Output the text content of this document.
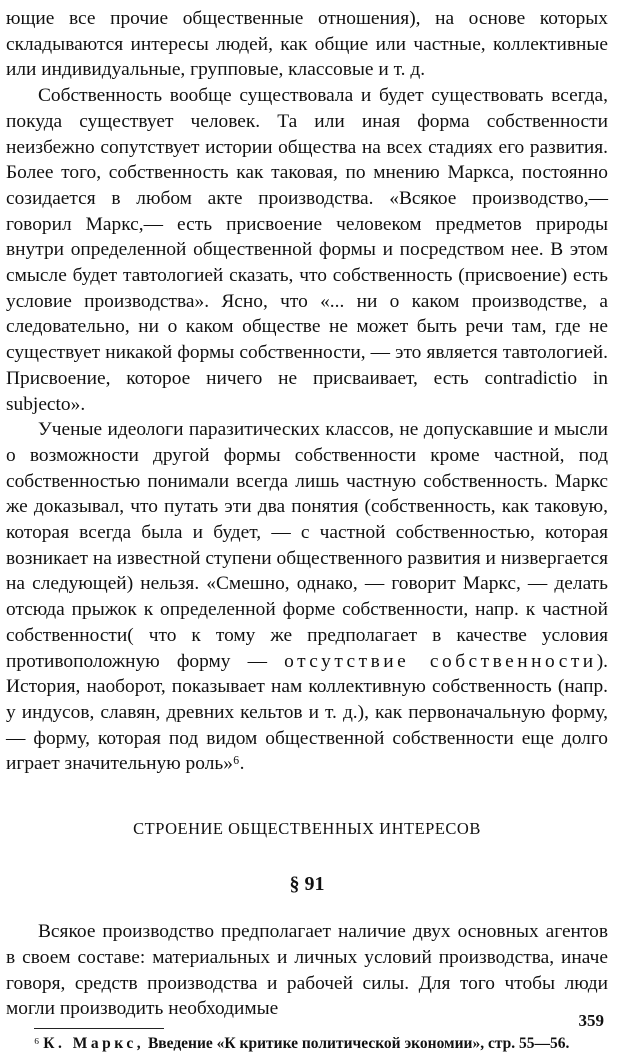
ющие все прочие общественные отношения), на основе которых складываются интересы людей, как общие или частные, коллективные или индивидуальные, групповые, классовые и т. д.

Собственность вообще существовала и будет существовать всегда, покуда существует человек. Та или иная форма собственности неизбежно сопутствует истории общества на всех стадиях его развития. Более того, собственность как таковая, по мнению Маркса, постоянно созидается в любом акте производства. «Всякое производство,—говорил Маркс,— есть присвоение человеком предметов природы внутри определенной общественной формы и посредством нее. В этом смысле будет тавтологией сказать, что собственность (присвоение) есть условие производства». Ясно, что «... ни о каком производстве, а следовательно, ни о каком обществе не может быть речи там, где не существует никакой формы собственности, — это является тавтологией. Присвоение, которое ничего не присваивает, есть contradictio in subjecto».

Ученые идеологи паразитических классов, не допускавшие и мысли о возможности другой формы собственности кроме частной, под собственностью понимали всегда лишь частную собственность. Маркс же доказывал, что путать эти два понятия (собственность, как таковую, которая всегда была и будет, — с частной собственностью, которая возникает на известной ступени общественного развития и низвергается на следующей) нельзя. «Смешно, однако, — говорит Маркс, — делать отсюда прыжок к определенной форме собственности, напр. к частной собственности( что к тому же предполагает в качестве условия противоположную форму — отсутствие собственности). История, наоборот, показывает нам коллективную собственность (напр. у индусов, славян, древних кельтов и т. д.), как первоначальную форму, — форму, которая под видом общественной собственности еще долго играет значительную роль»⁶.

СТРОЕНИЕ ОБЩЕСТВЕННЫХ ИНТЕРЕСОВ
§ 91

Всякое производство предполагает наличие двух основных агентов в своем составе: материальных и личных условий производства, иначе говоря, средств производства и рабочей силы. Для того чтобы люди могли производить необходимые

⁶ К. Маркс, Введение «К критике политической экономии», стр. 55—56.

359
